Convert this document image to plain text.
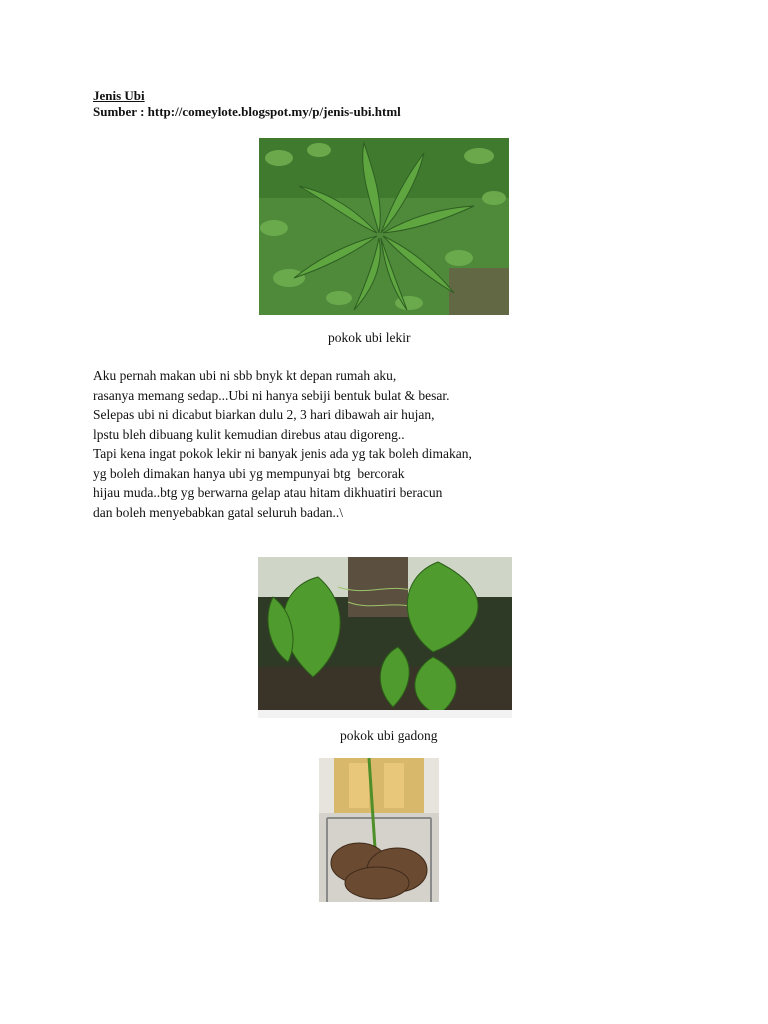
Jenis Ubi
Sumber : http://comeylote.blogspot.my/p/jenis-ubi.html
pokok ubi lekir
Aku pernah makan ubi ni sbb bnyk kt depan rumah aku,
rasanya memang sedap...Ubi ni hanya sebiji bentuk bulat & besar.
Selepas ubi ni dicabut biarkan dulu 2, 3 hari dibawah air hujan,
lpstu bleh dibuang kulit kemudian direbus atau digoreng..
Tapi kena ingat pokok lekir ni banyak jenis ada yg tak boleh dimakan,
yg boleh dimakan hanya ubi yg mempunyai btg  bercorak
hijau muda..btg yg berwarna gelap atau hitam dikhuatiri beracun
dan boleh menyebabkan gatal seluruh badan..\
pokok ubi gadong
